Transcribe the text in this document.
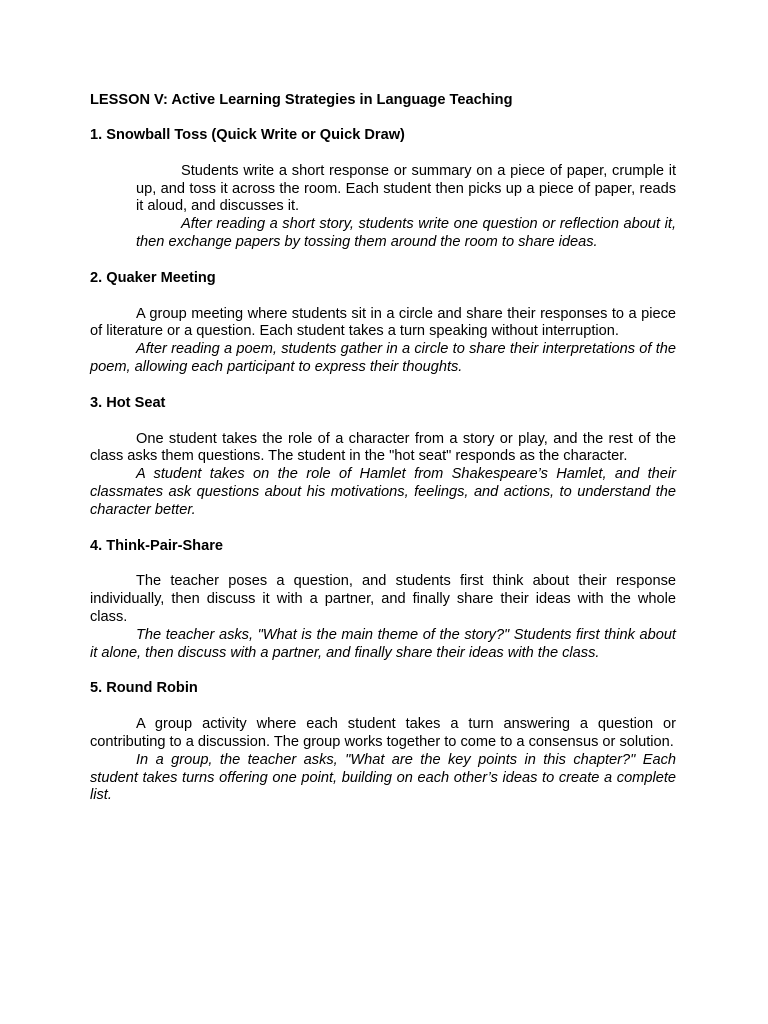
LESSON V: Active Learning Strategies in Language Teaching

1. Snowball Toss (Quick Write or Quick Draw)

Students write a short response or summary on a piece of paper, crumple it up, and toss it across the room. Each student then picks up a piece of paper, reads it aloud, and discusses it.

After reading a short story, students write one question or reflection about it, then exchange papers by tossing them around the room to share ideas.

2. Quaker Meeting

A group meeting where students sit in a circle and share their responses to a piece of literature or a question. Each student takes a turn speaking without interruption.

After reading a poem, students gather in a circle to share their interpretations of the poem, allowing each participant to express their thoughts.

3. Hot Seat

One student takes the role of a character from a story or play, and the rest of the class asks them questions. The student in the "hot seat" responds as the character.

A student takes on the role of Hamlet from Shakespeare’s Hamlet, and their classmates ask questions about his motivations, feelings, and actions, to understand the character better.

4. Think-Pair-Share

The teacher poses a question, and students first think about their response individually, then discuss it with a partner, and finally share their ideas with the whole class.

The teacher asks, "What is the main theme of the story?" Students first think about it alone, then discuss with a partner, and finally share their ideas with the class.

5. Round Robin

A group activity where each student takes a turn answering a question or contributing to a discussion. The group works together to come to a consensus or solution.

In a group, the teacher asks, "What are the key points in this chapter?" Each student takes turns offering one point, building on each other’s ideas to create a complete list.
